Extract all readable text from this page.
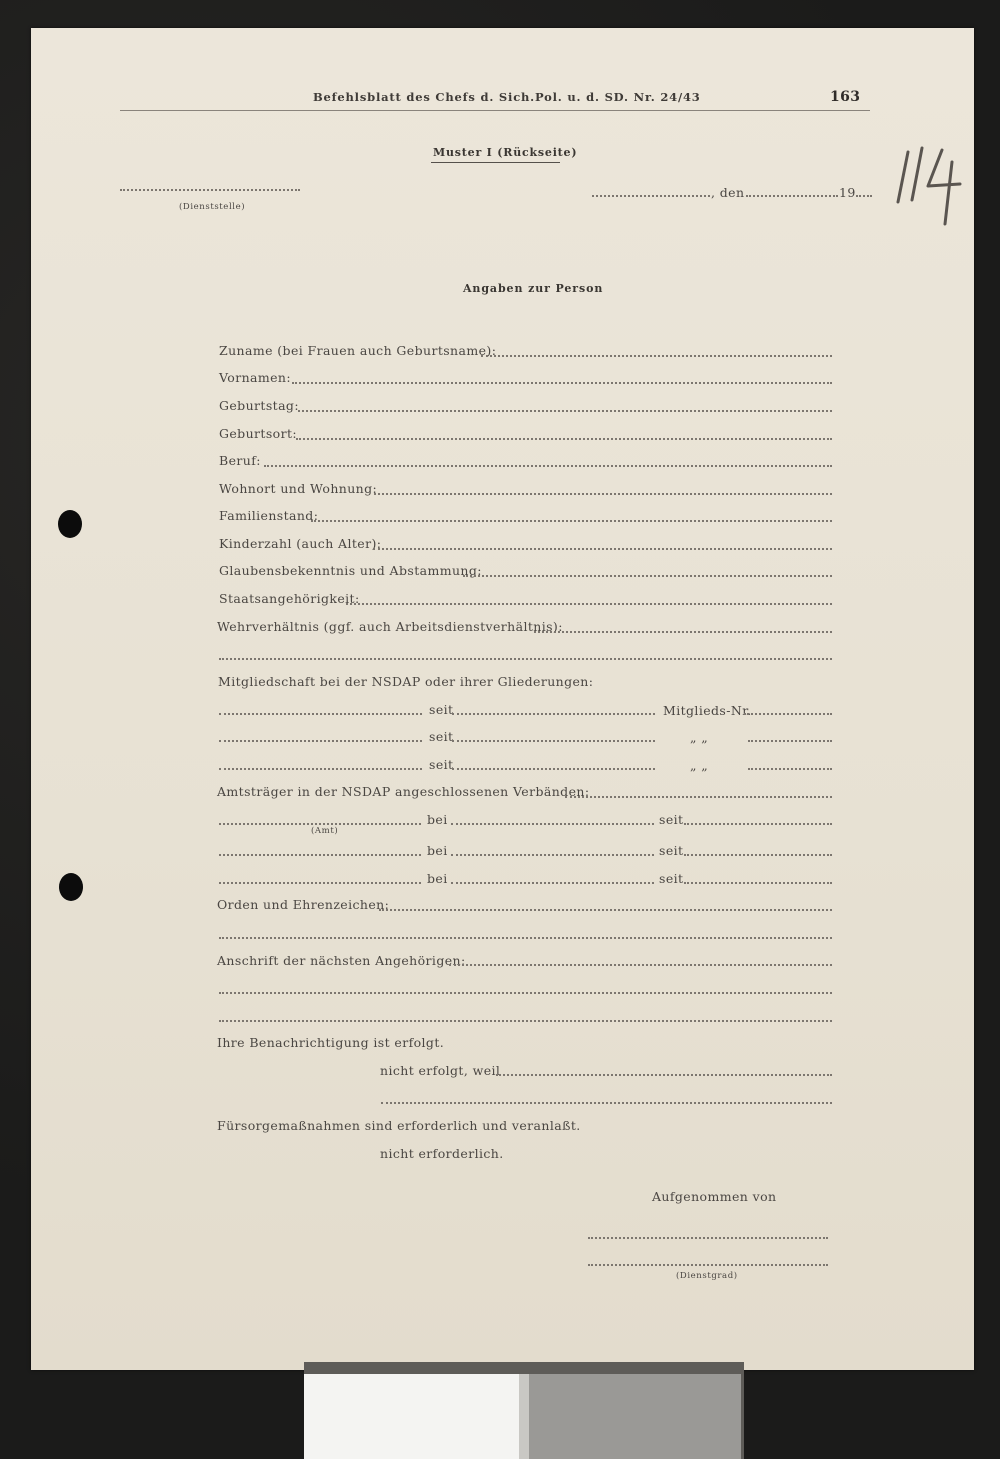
Befehlsblatt des Chefs d. Sich.Pol. u. d. SD. Nr. 24/43	163
Muster I (Rückseite)
(Dienststelle)
, den	19
Angaben zur Person
Zuname (bei Frauen auch Geburtsname):
Vornamen:
Geburtstag:
Geburtsort:
Beruf:
Wohnort und Wohnung:
Familienstand:
Kinderzahl (auch Alter):
Glaubensbekenntnis und Abstammung:
Staatsangehörigkeit:
Wehrverhältnis (ggf. auch Arbeitsdienstverhältnis):
Mitgliedschaft bei der NSDAP oder ihrer Gliederungen:
seit	Mitglieds-Nr.
seit	„ „
seit	„ „
Amtsträger in der NSDAP angeschlossenen Verbänden:
(Amt)
bei	seit
bei	seit
bei	seit
Orden und Ehrenzeichen:
Anschrift der nächsten Angehörigen:
Ihre Benachrichtigung ist erfolgt.
nicht erfolgt, weil
Fürsorgemaßnahmen sind erforderlich und veranlaßt.
nicht erforderlich.
Aufgenommen von
(Dienstgrad)
